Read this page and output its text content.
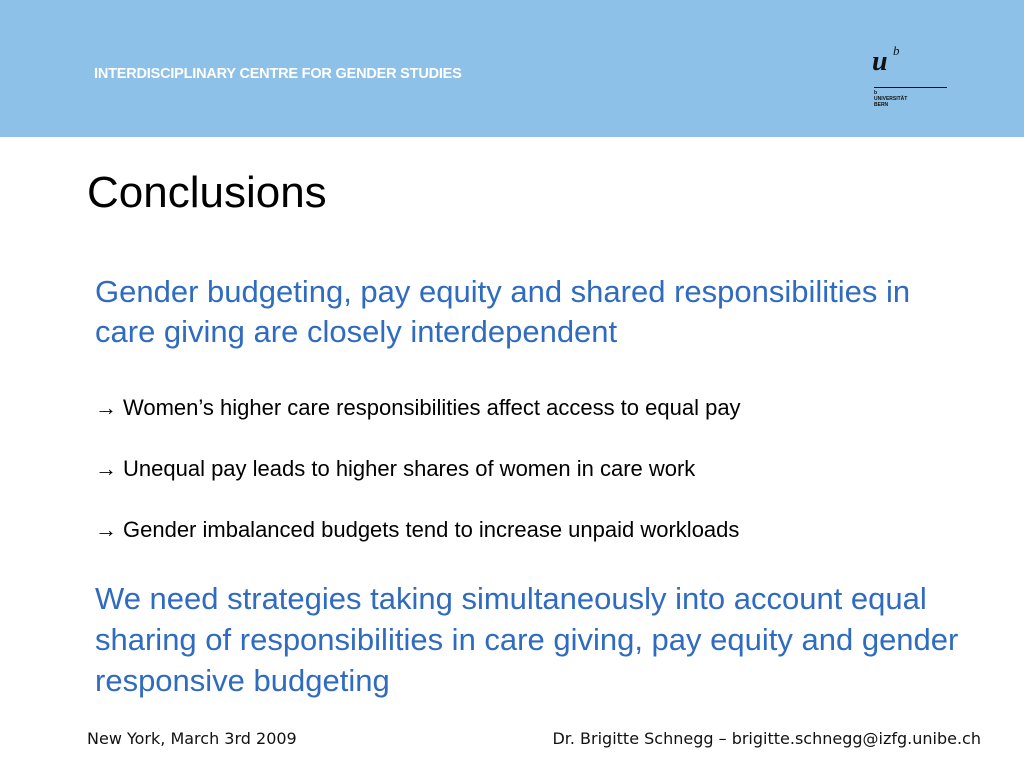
INTERDISCIPLINARY CENTRE FOR GENDER STUDIES	u b
b
UNIVERSITÄT
BERN
Conclusions
Gender budgeting, pay equity and shared responsibilities in care giving are closely interdependent
→ Women’s higher care responsibilities affect access to equal pay
→ Unequal pay leads to higher shares of women in care work
→ Gender imbalanced budgets tend to increase unpaid workloads
We need strategies taking simultaneously into account equal sharing of responsibilities in care giving, pay equity and gender responsive budgeting
New York, March 3rd 2009	Dr. Brigitte Schnegg – brigitte.schnegg@izfg.unibe.ch
